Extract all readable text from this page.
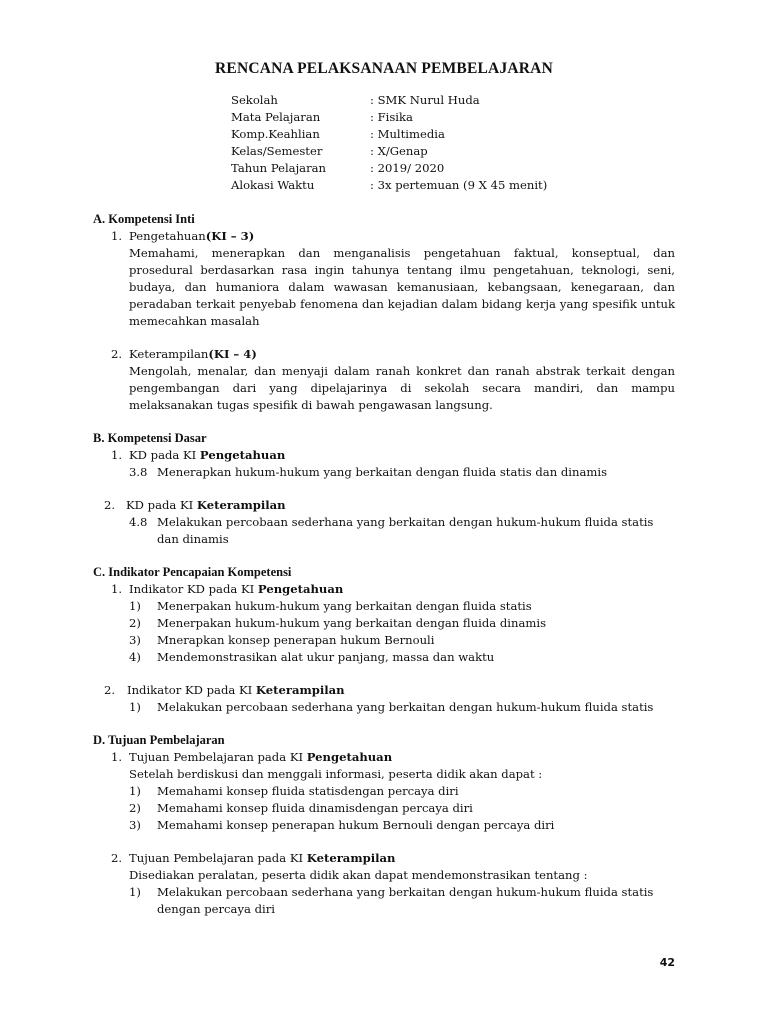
RENCANA PELAKSANAAN PEMBELAJARAN
Sekolah	: SMK Nurul Huda
Mata Pelajaran	: Fisika
Komp.Keahlian	: Multimedia
Kelas/Semester	: X/Genap
Tahun Pelajaran	: 2019/ 2020
Alokasi Waktu	: 3x pertemuan (9 X 45 menit)
A. Kompetensi Inti
1. Pengetahuan(KI – 3)
Memahami, menerapkan dan menganalisis pengetahuan faktual, konseptual, dan prosedural berdasarkan rasa ingin tahunya tentang ilmu pengetahuan, teknologi, seni, budaya, dan humaniora dalam wawasan kemanusiaan, kebangsaan, kenegaraan, dan peradaban terkait penyebab fenomena dan kejadian dalam bidang kerja yang spesifik untuk memecahkan masalah
2. Keterampilan(KI – 4)
Mengolah, menalar, dan menyaji dalam ranah konkret dan ranah abstrak terkait dengan pengembangan dari yang dipelajarinya di sekolah secara mandiri, dan mampu melaksanakan tugas spesifik di bawah pengawasan langsung.
B. Kompetensi Dasar
1. KD pada KI Pengetahuan
3.8 Menerapkan hukum-hukum yang berkaitan dengan fluida statis dan dinamis
2. KD pada KI Keterampilan
4.8 Melakukan percobaan sederhana yang berkaitan dengan hukum-hukum fluida statis
dan dinamis
C. Indikator Pencapaian Kompetensi
1. Indikator KD pada KI Pengetahuan
1) Menerpakan hukum-hukum yang berkaitan dengan fluida statis
2) Menerpakan hukum-hukum yang berkaitan dengan fluida dinamis
3) Mnerapkan konsep penerapan hukum Bernouli
4) Mendemonstrasikan alat ukur panjang, massa dan waktu
2. Indikator KD pada KI Keterampilan
1) Melakukan percobaan sederhana yang berkaitan dengan hukum-hukum fluida statis
D. Tujuan Pembelajaran
1. Tujuan Pembelajaran pada KI Pengetahuan
Setelah berdiskusi dan menggali informasi, peserta didik akan dapat :
1) Memahami konsep fluida statisdengan percaya diri
2) Memahami konsep fluida dinamisdengan percaya diri
3) Memahami konsep penerapan hukum Bernouli dengan percaya diri
2. Tujuan Pembelajaran pada KI Keterampilan
Disediakan peralatan, peserta didik akan dapat mendemonstrasikan tentang :
1) Melakukan percobaan sederhana yang berkaitan dengan hukum-hukum fluida statis
dengan percaya diri
42
